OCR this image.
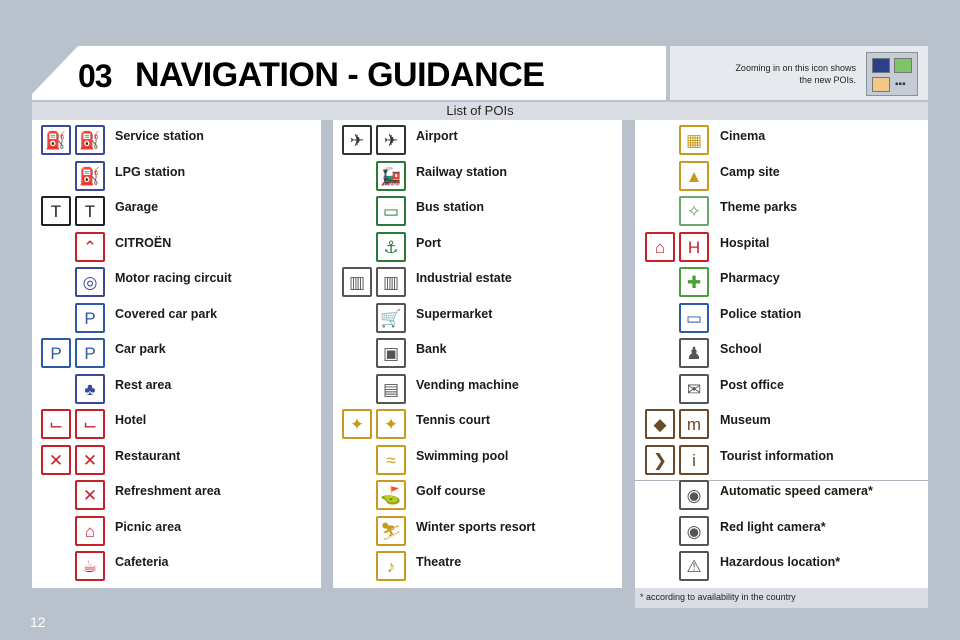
03 NAVIGATION - GUIDANCE	Zooming in on this icon shows
the new POIs.	▪▪▪
List of POIs
* according to availability in the country
⛽ ⛽	Service station
⛽	LPG station
T	T	Garage
⌃	CITROËN
◎	Motor racing circuit
P	Covered car park
P	P	Car park
♣	Rest area
⌙	⌙	Hotel
✕	✕	Restaurant
✕	Refreshment area
⌂	Picnic area
☕	Cafeteria
✈	✈	Airport
🚂	Railway station
▭	Bus station
⚓	Port
▥	▥	Industrial estate
🛒	Supermarket
▣	Bank
▤	Vending machine
✦	✦	Tennis court
≈	Swimming pool
⛳	Golf course
⛷	Winter sports resort
♪	Theatre
▦	Cinema
▲	Camp site
✧	Theme parks
⌂	H	Hospital
✚	Pharmacy
▭	Police station
♟	School
✉	Post office
◆	m	Museum
❯	i	Tourist information
◉	Automatic speed camera*
◉	Red light camera*
⚠	Hazardous location*
12
